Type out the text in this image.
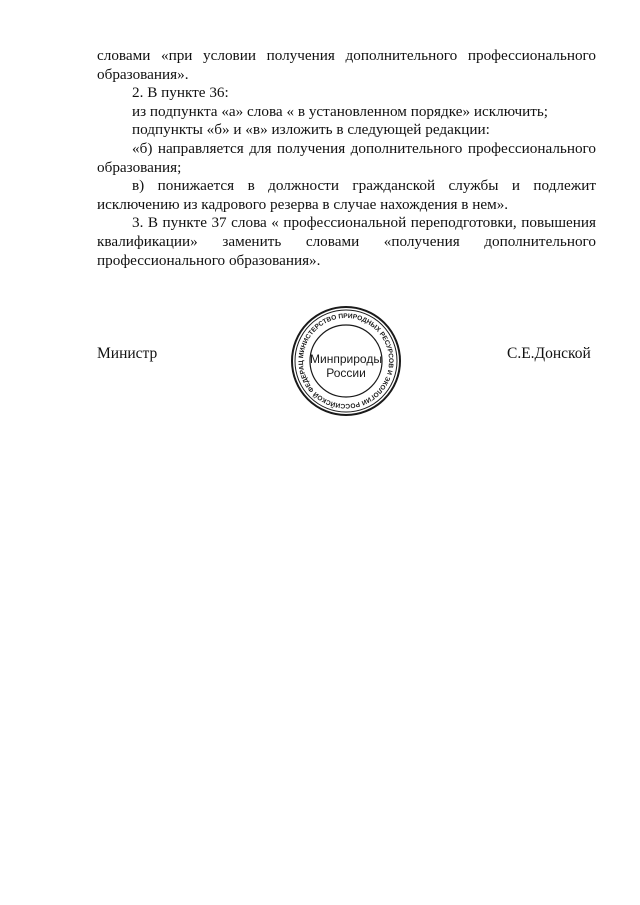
словами «при условии получения дополнительного профессионального образования».

2. В пункте 36:

из подпункта «а» слова « в установленном порядке» исключить;

подпункты «б» и «в» изложить в следующей редакции:

«б) направляется для получения дополнительного профессионального образования;

в) понижается в должности гражданской службы и подлежит исключению из кадрового резерва в случае нахождения в нем».

3. В пункте 37 слова « профессиональной переподготовки, повышения квалификации» заменить словами «получения дополнительного профессионального образования».

Министр	МИНИСТЕРСТВО ПРИРОДНЫХ РЕСУРСОВ И ЭКОЛОГИИ РОССИЙСКОЙ ФЕДЕРАЦ Минприроды
России
С.Е.Донской
